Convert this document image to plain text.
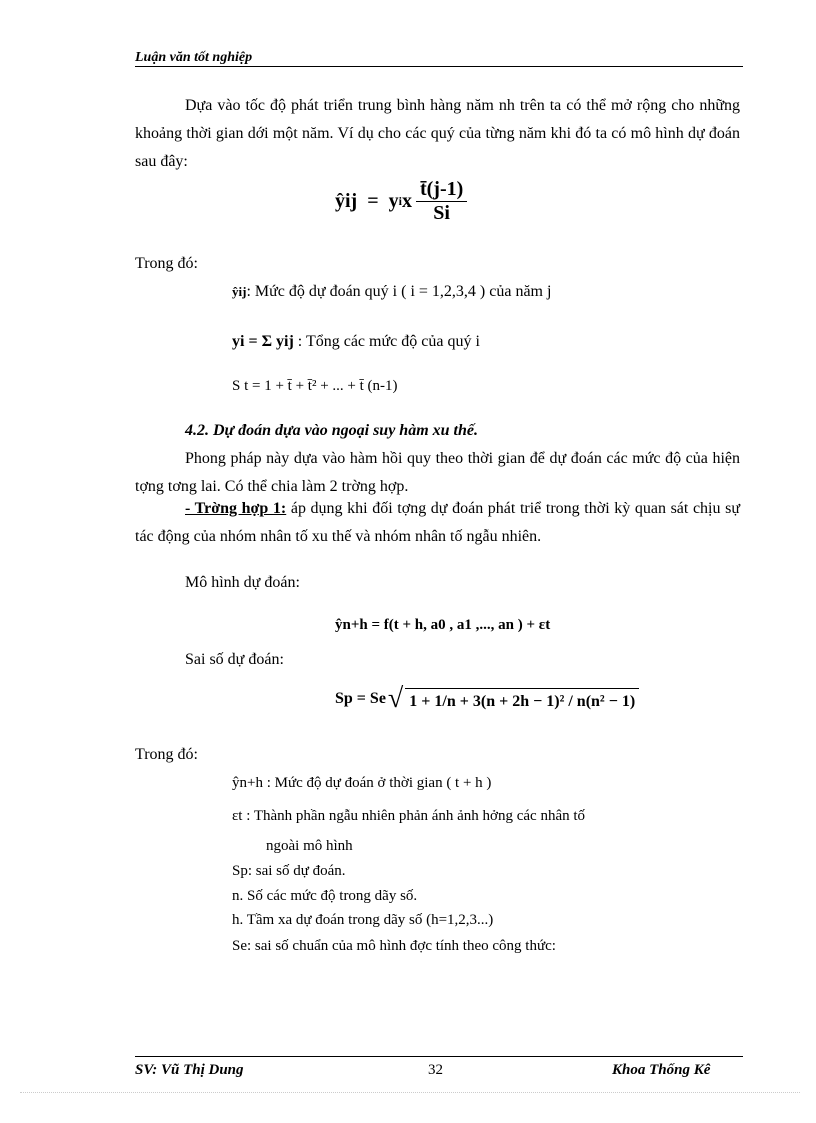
Luận văn tốt nghiệp
Dựa vào tốc độ phát triển trung bình hàng năm nh trên ta có thể mở rộng cho những khoảng thời gian dới một năm. Ví dụ cho các quý của từng năm khi đó ta có mô hình dự đoán sau đây:
ŷij = y i x $\frac{t̄(j-1)}{Si}$
Trong đó:
ŷij: Mức độ dự đoán quý i ( i = 1,2,3,4 ) của năm j
yi = Σ yij : Tổng các mức độ của quý i
S t = 1 + t̄ + t̄² + ... + t̄ (n-1)
4.2. Dự đoán dựa vào ngoại suy hàm xu thế.
Phong pháp này dựa vào hàm hồi quy theo thời gian để dự đoán các mức độ của hiện tợng tơng lai. Có thể chia làm 2 trờng hợp.
- Trờng hợp 1: áp dụng khi đối tợng dự đoán phát triể trong thời kỳ quan sát chịu sự tác động của nhóm nhân tố xu thế và nhóm nhân tố ngẫu nhiên.
Mô hình dự đoán:
ŷn+h = f(t + h, a0 , a1 ,..., an ) + εt
Sai số dự đoán:
Sp = Se √ 1 + 1/n + 3(n + 2h − 1)² / n(n² − 1)
Trong đó:
ŷn+h : Mức độ dự đoán ở thời gian ( t + h )
εt : Thành phần ngẫu nhiên phản ánh ảnh hởng các nhân tố
ngoài mô hình
Sp: sai số dự đoán.
n. Số các mức độ trong dãy số.
h. Tầm xa dự đoán trong dãy số (h=1,2,3...)
Se: sai số chuẩn của mô hình đợc tính theo công thức:
SV: Vũ Thị Dung	32	Khoa Thống Kê
